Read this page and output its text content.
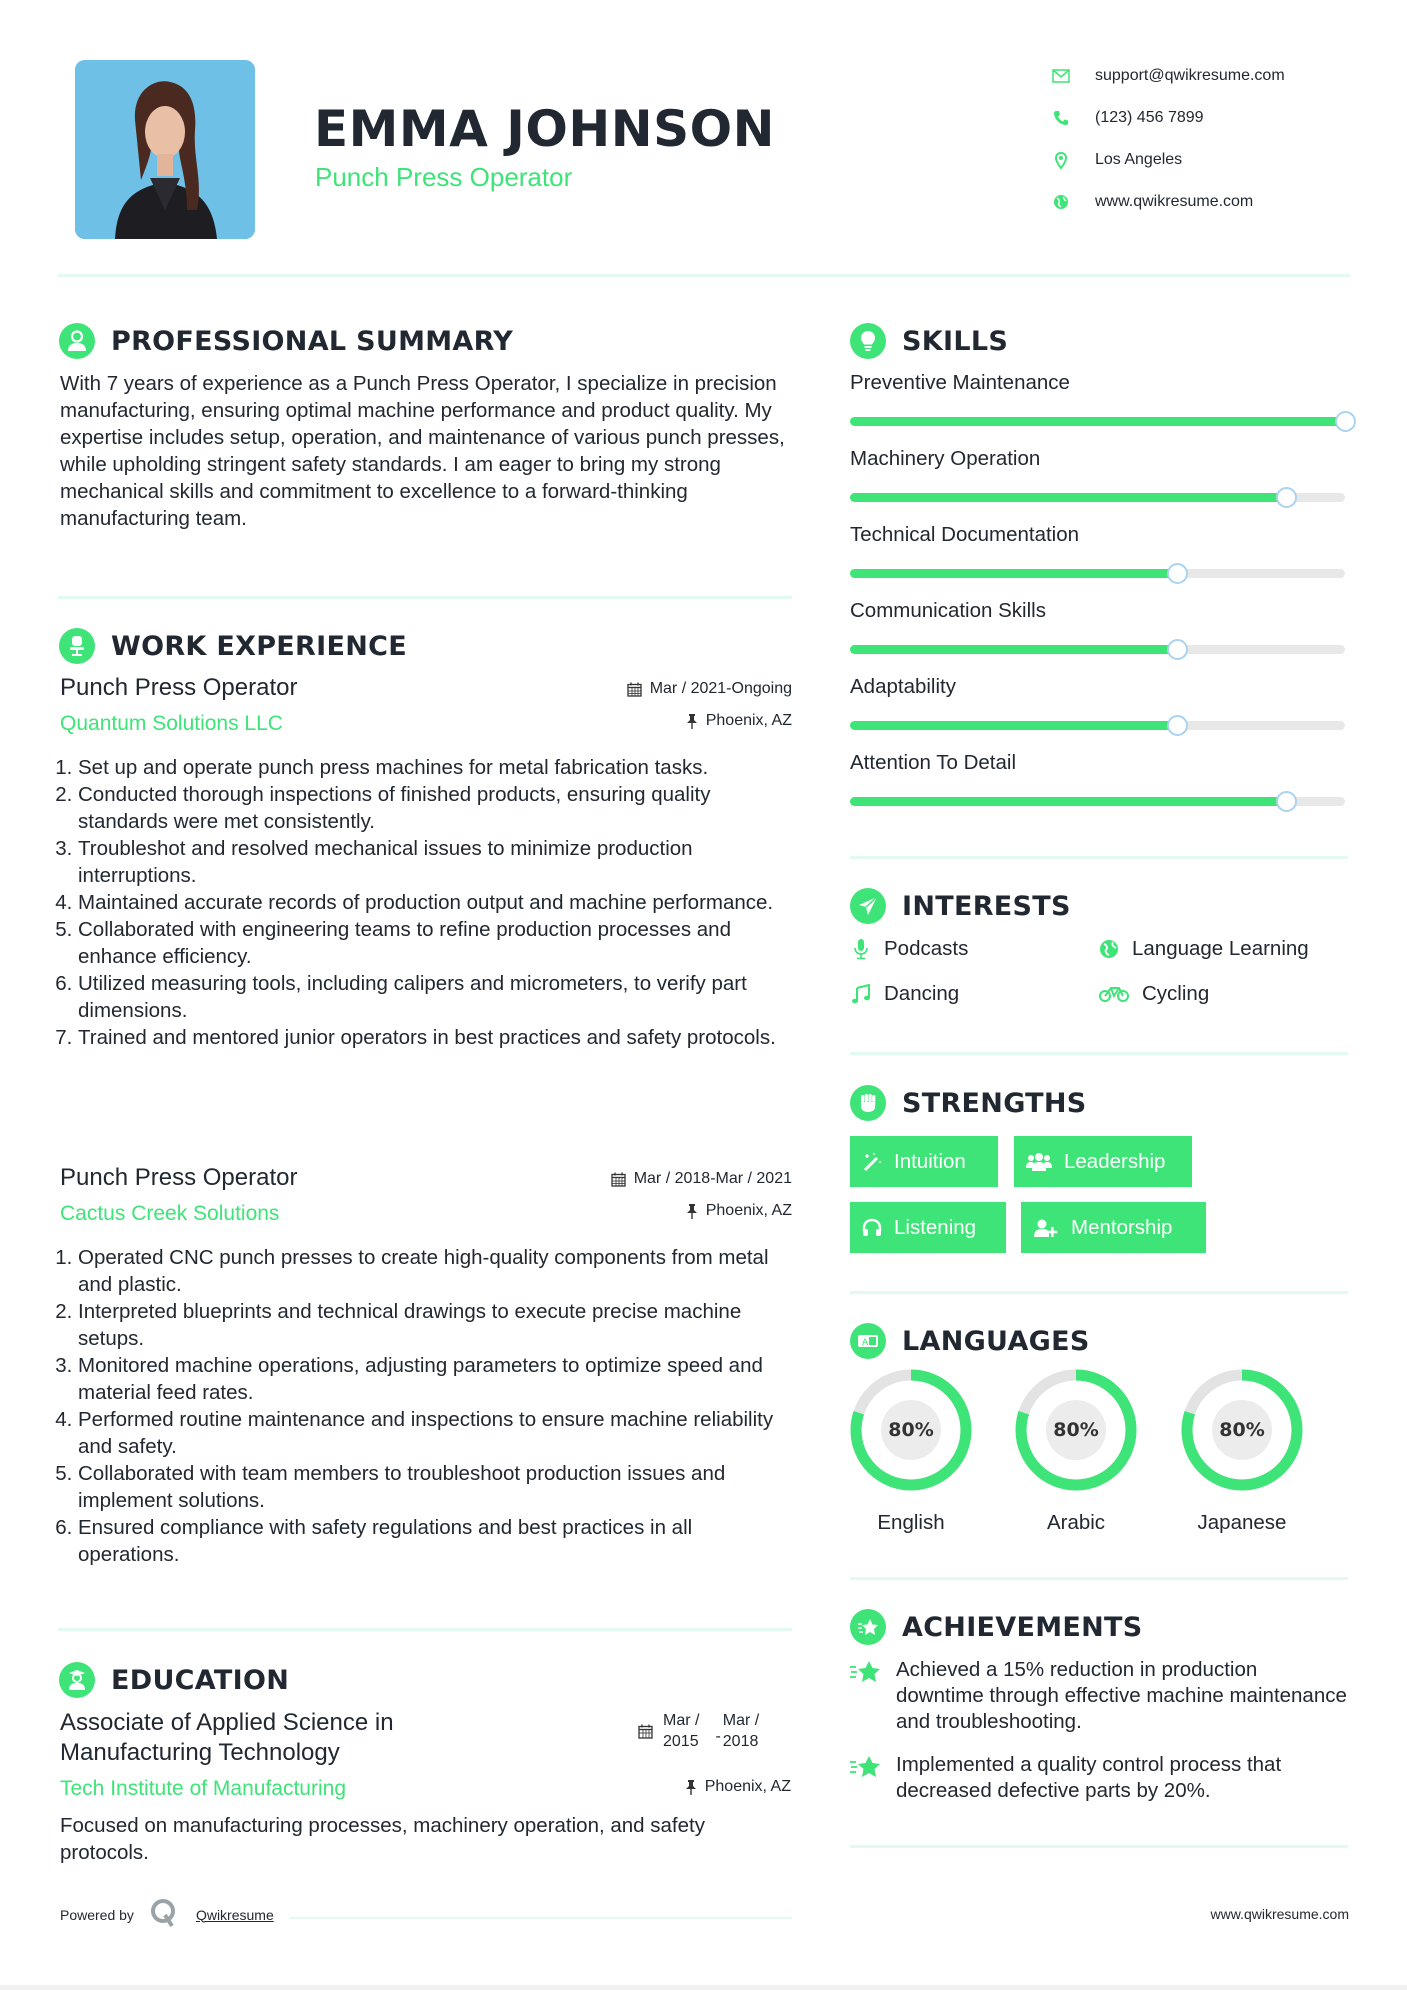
EMMA JOHNSON
Punch Press Operator
support@qwikresume.com
(123) 456 7899
Los Angeles
www.qwikresume.com
PROFESSIONAL SUMMARY
With 7 years of experience as a Punch Press Operator, I specialize in precision manufacturing, ensuring optimal machine performance and product quality. My expertise includes setup, operation, and maintenance of various punch presses, while upholding stringent safety standards. I am eager to bring my strong mechanical skills and commitment to excellence to a forward-thinking manufacturing team.
WORK EXPERIENCE
Punch Press Operator
Quantum Solutions LLC
Mar / 2021-Ongoing
Phoenix, AZ
1. Set up and operate punch press machines for metal fabrication tasks.
2. Conducted thorough inspections of finished products, ensuring quality standards were met consistently.
3. Troubleshot and resolved mechanical issues to minimize production interruptions.
4. Maintained accurate records of production output and machine performance.
5. Collaborated with engineering teams to refine production processes and enhance efficiency.
6. Utilized measuring tools, including calipers and micrometers, to verify part dimensions.
7. Trained and mentored junior operators in best practices and safety protocols.
Punch Press Operator
Cactus Creek Solutions
Mar / 2018-Mar / 2021
Phoenix, AZ
1. Operated CNC punch presses to create high-quality components from metal and plastic.
2. Interpreted blueprints and technical drawings to execute precise machine setups.
3. Monitored machine operations, adjusting parameters to optimize speed and material feed rates.
4. Performed routine maintenance and inspections to ensure machine reliability and safety.
5. Collaborated with team members to troubleshoot production issues and implement solutions.
6. Ensured compliance with safety regulations and best practices in all operations.
EDUCATION
Associate of Applied Science in
Manufacturing Technology
Tech Institute of Manufacturing
Mar /
2015 -
Mar /
2018
Phoenix, AZ
Focused on manufacturing processes, machinery operation, and safety protocols.
Powered by	Qwikresume
SKILLS
Preventive Maintenance
Machinery Operation
Technical Documentation
Communication Skills
Adaptability
Attention To Detail
INTERESTS
Podcasts	Language Learning
Dancing	Cycling
STRENGTHS
Intuition	Leadership
Listening	Mentorship
A LANGUAGES
80%
English
80%
Arabic
80%
Japanese
ACHIEVEMENTS
Achieved a 15% reduction in production downtime through effective machine maintenance and troubleshooting.
Implemented a quality control process that decreased defective parts by 20%.
www.qwikresume.com
